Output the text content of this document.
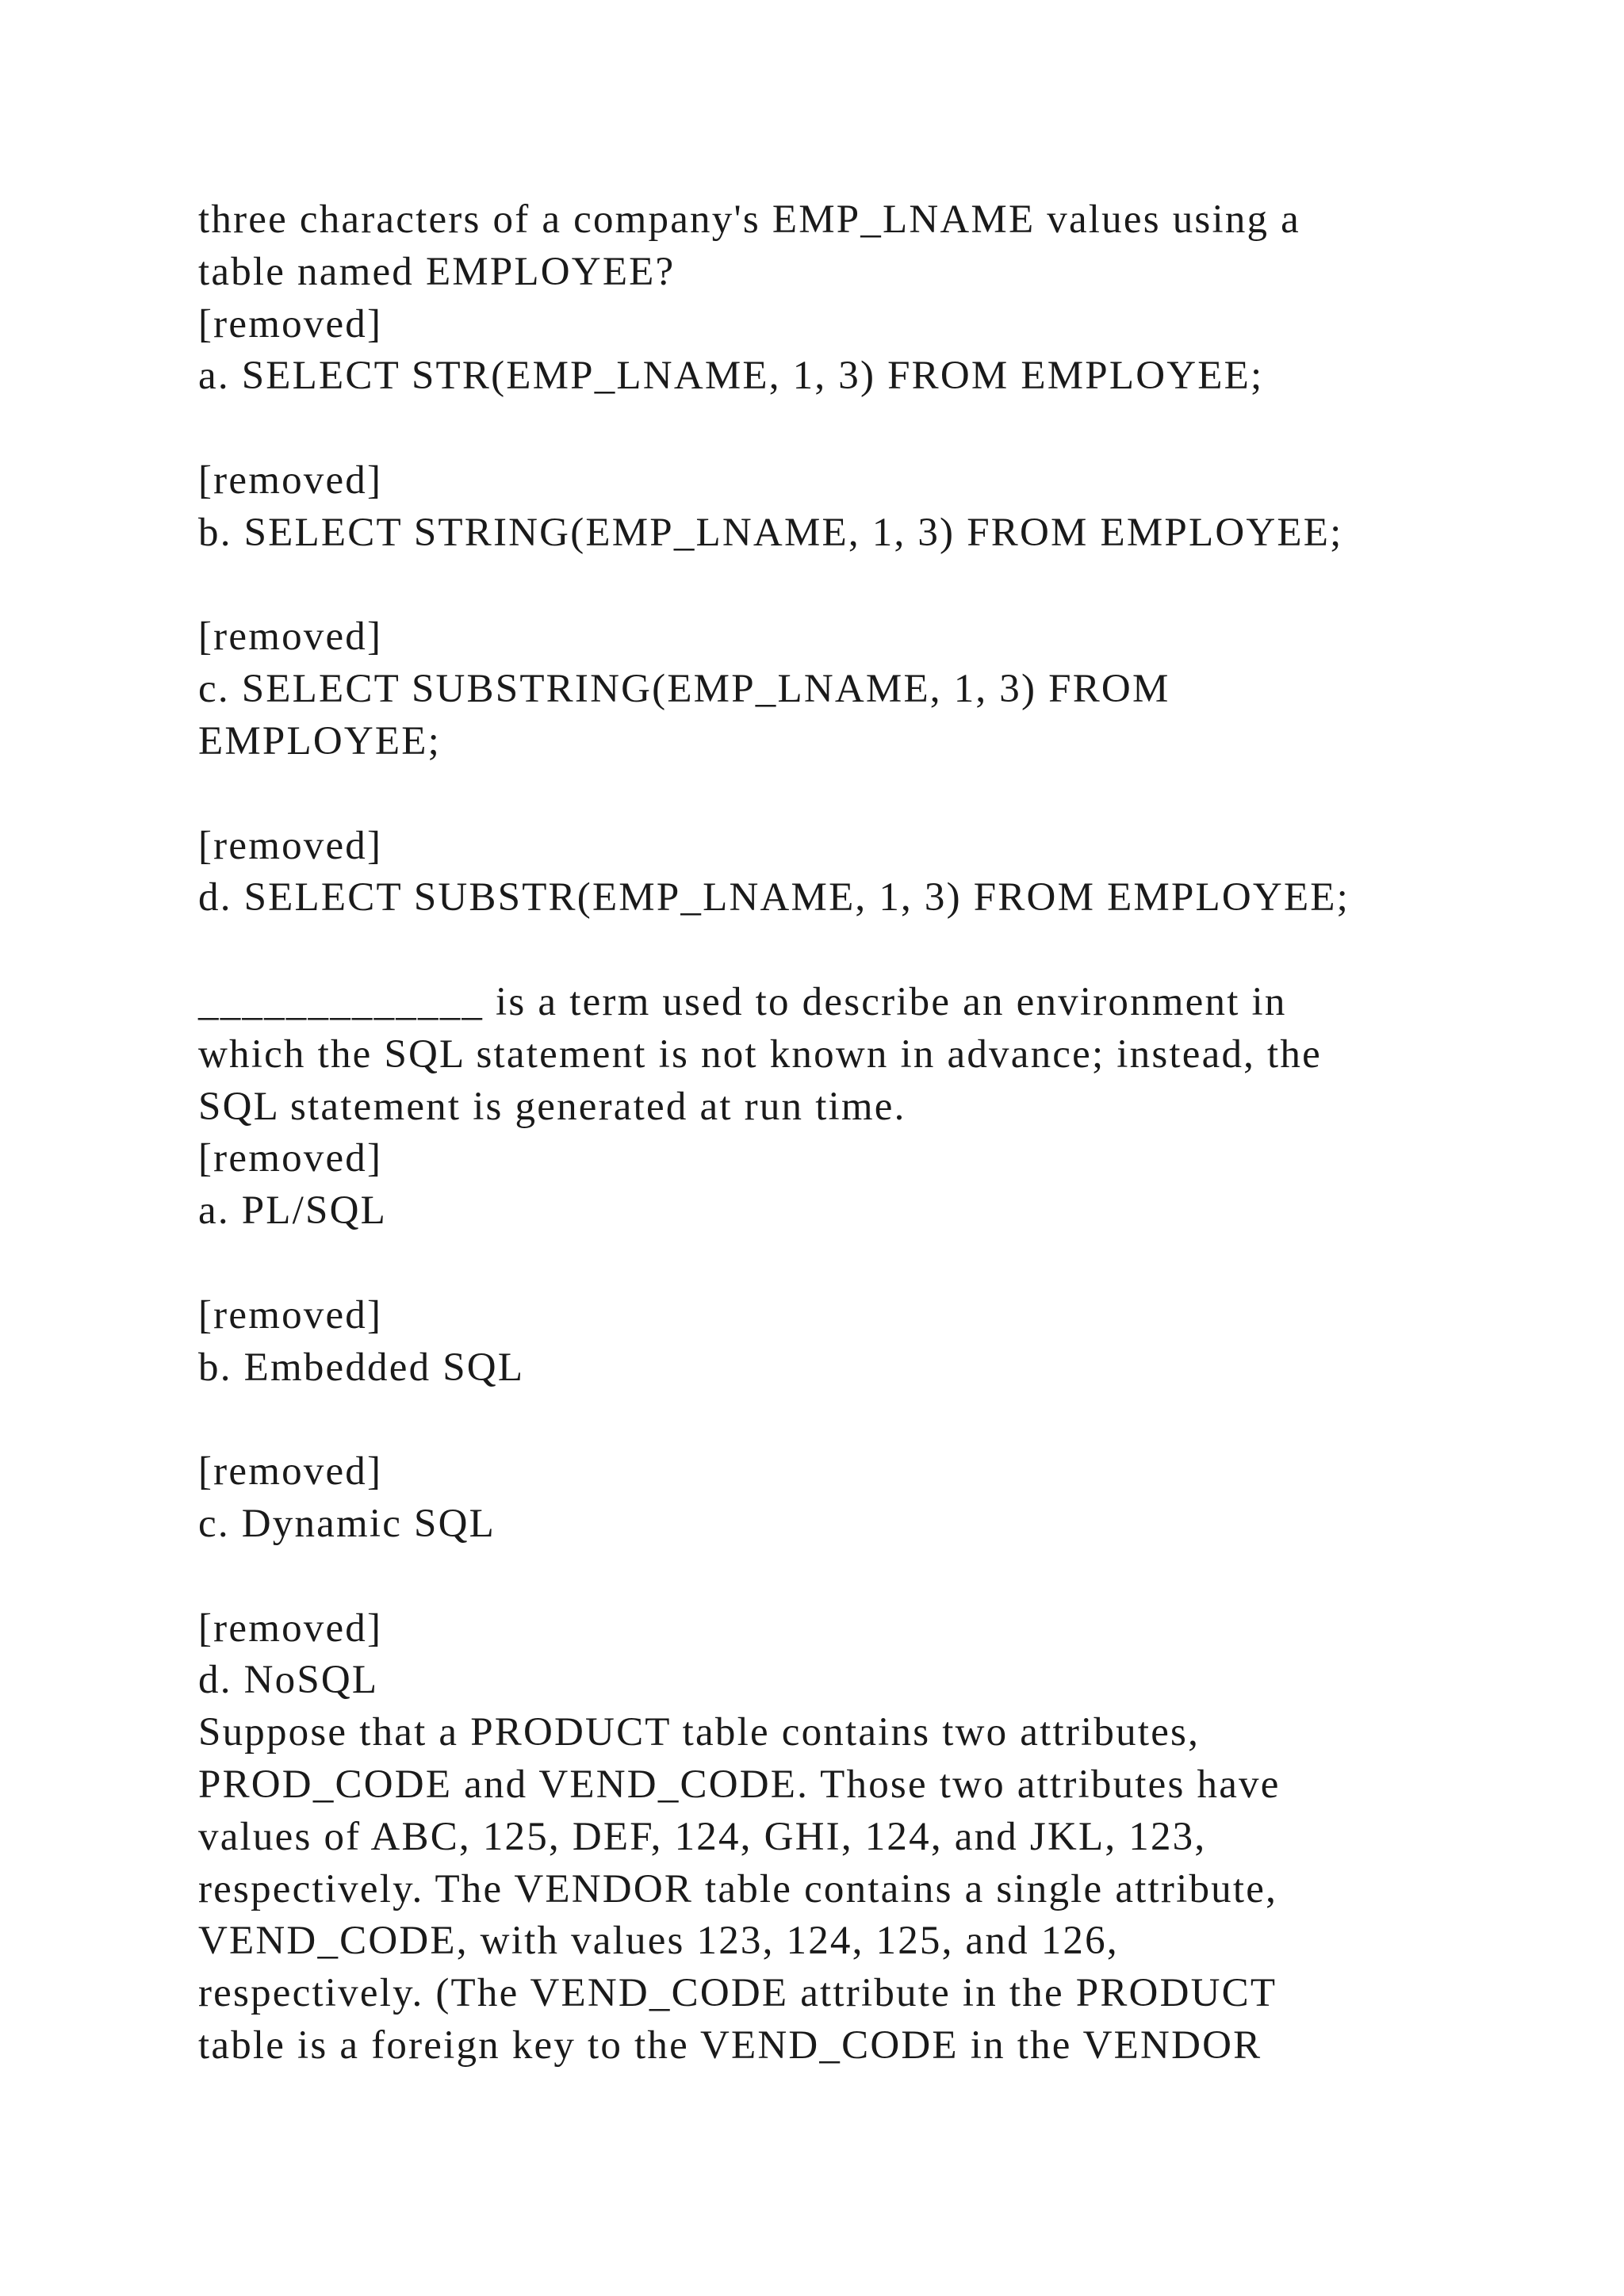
three characters of a company's EMP_LNAME values using a
table named EMPLOYEE?
[removed]
a. SELECT STR(EMP_LNAME, 1, 3) FROM EMPLOYEE;
[removed]
b. SELECT STRING(EMP_LNAME, 1, 3) FROM EMPLOYEE;
[removed]
c. SELECT SUBSTRING(EMP_LNAME, 1, 3) FROM
EMPLOYEE;
[removed]
d. SELECT SUBSTR(EMP_LNAME, 1, 3) FROM EMPLOYEE;
_____________ is a term used to describe an environment in
which the SQL statement is not known in advance; instead, the
SQL statement is generated at run time.
[removed]
a. PL/SQL
[removed]
b. Embedded SQL
[removed]
c. Dynamic SQL
[removed]
d. NoSQL
Suppose that a PRODUCT table contains two attributes,
PROD_CODE and VEND_CODE. Those two attributes have
values of ABC, 125, DEF, 124, GHI, 124, and JKL, 123,
respectively. The VENDOR table contains a single attribute,
VEND_CODE, with values 123, 124, 125, and 126,
respectively. (The VEND_CODE attribute in the PRODUCT
table is a foreign key to the VEND_CODE in the VENDOR
